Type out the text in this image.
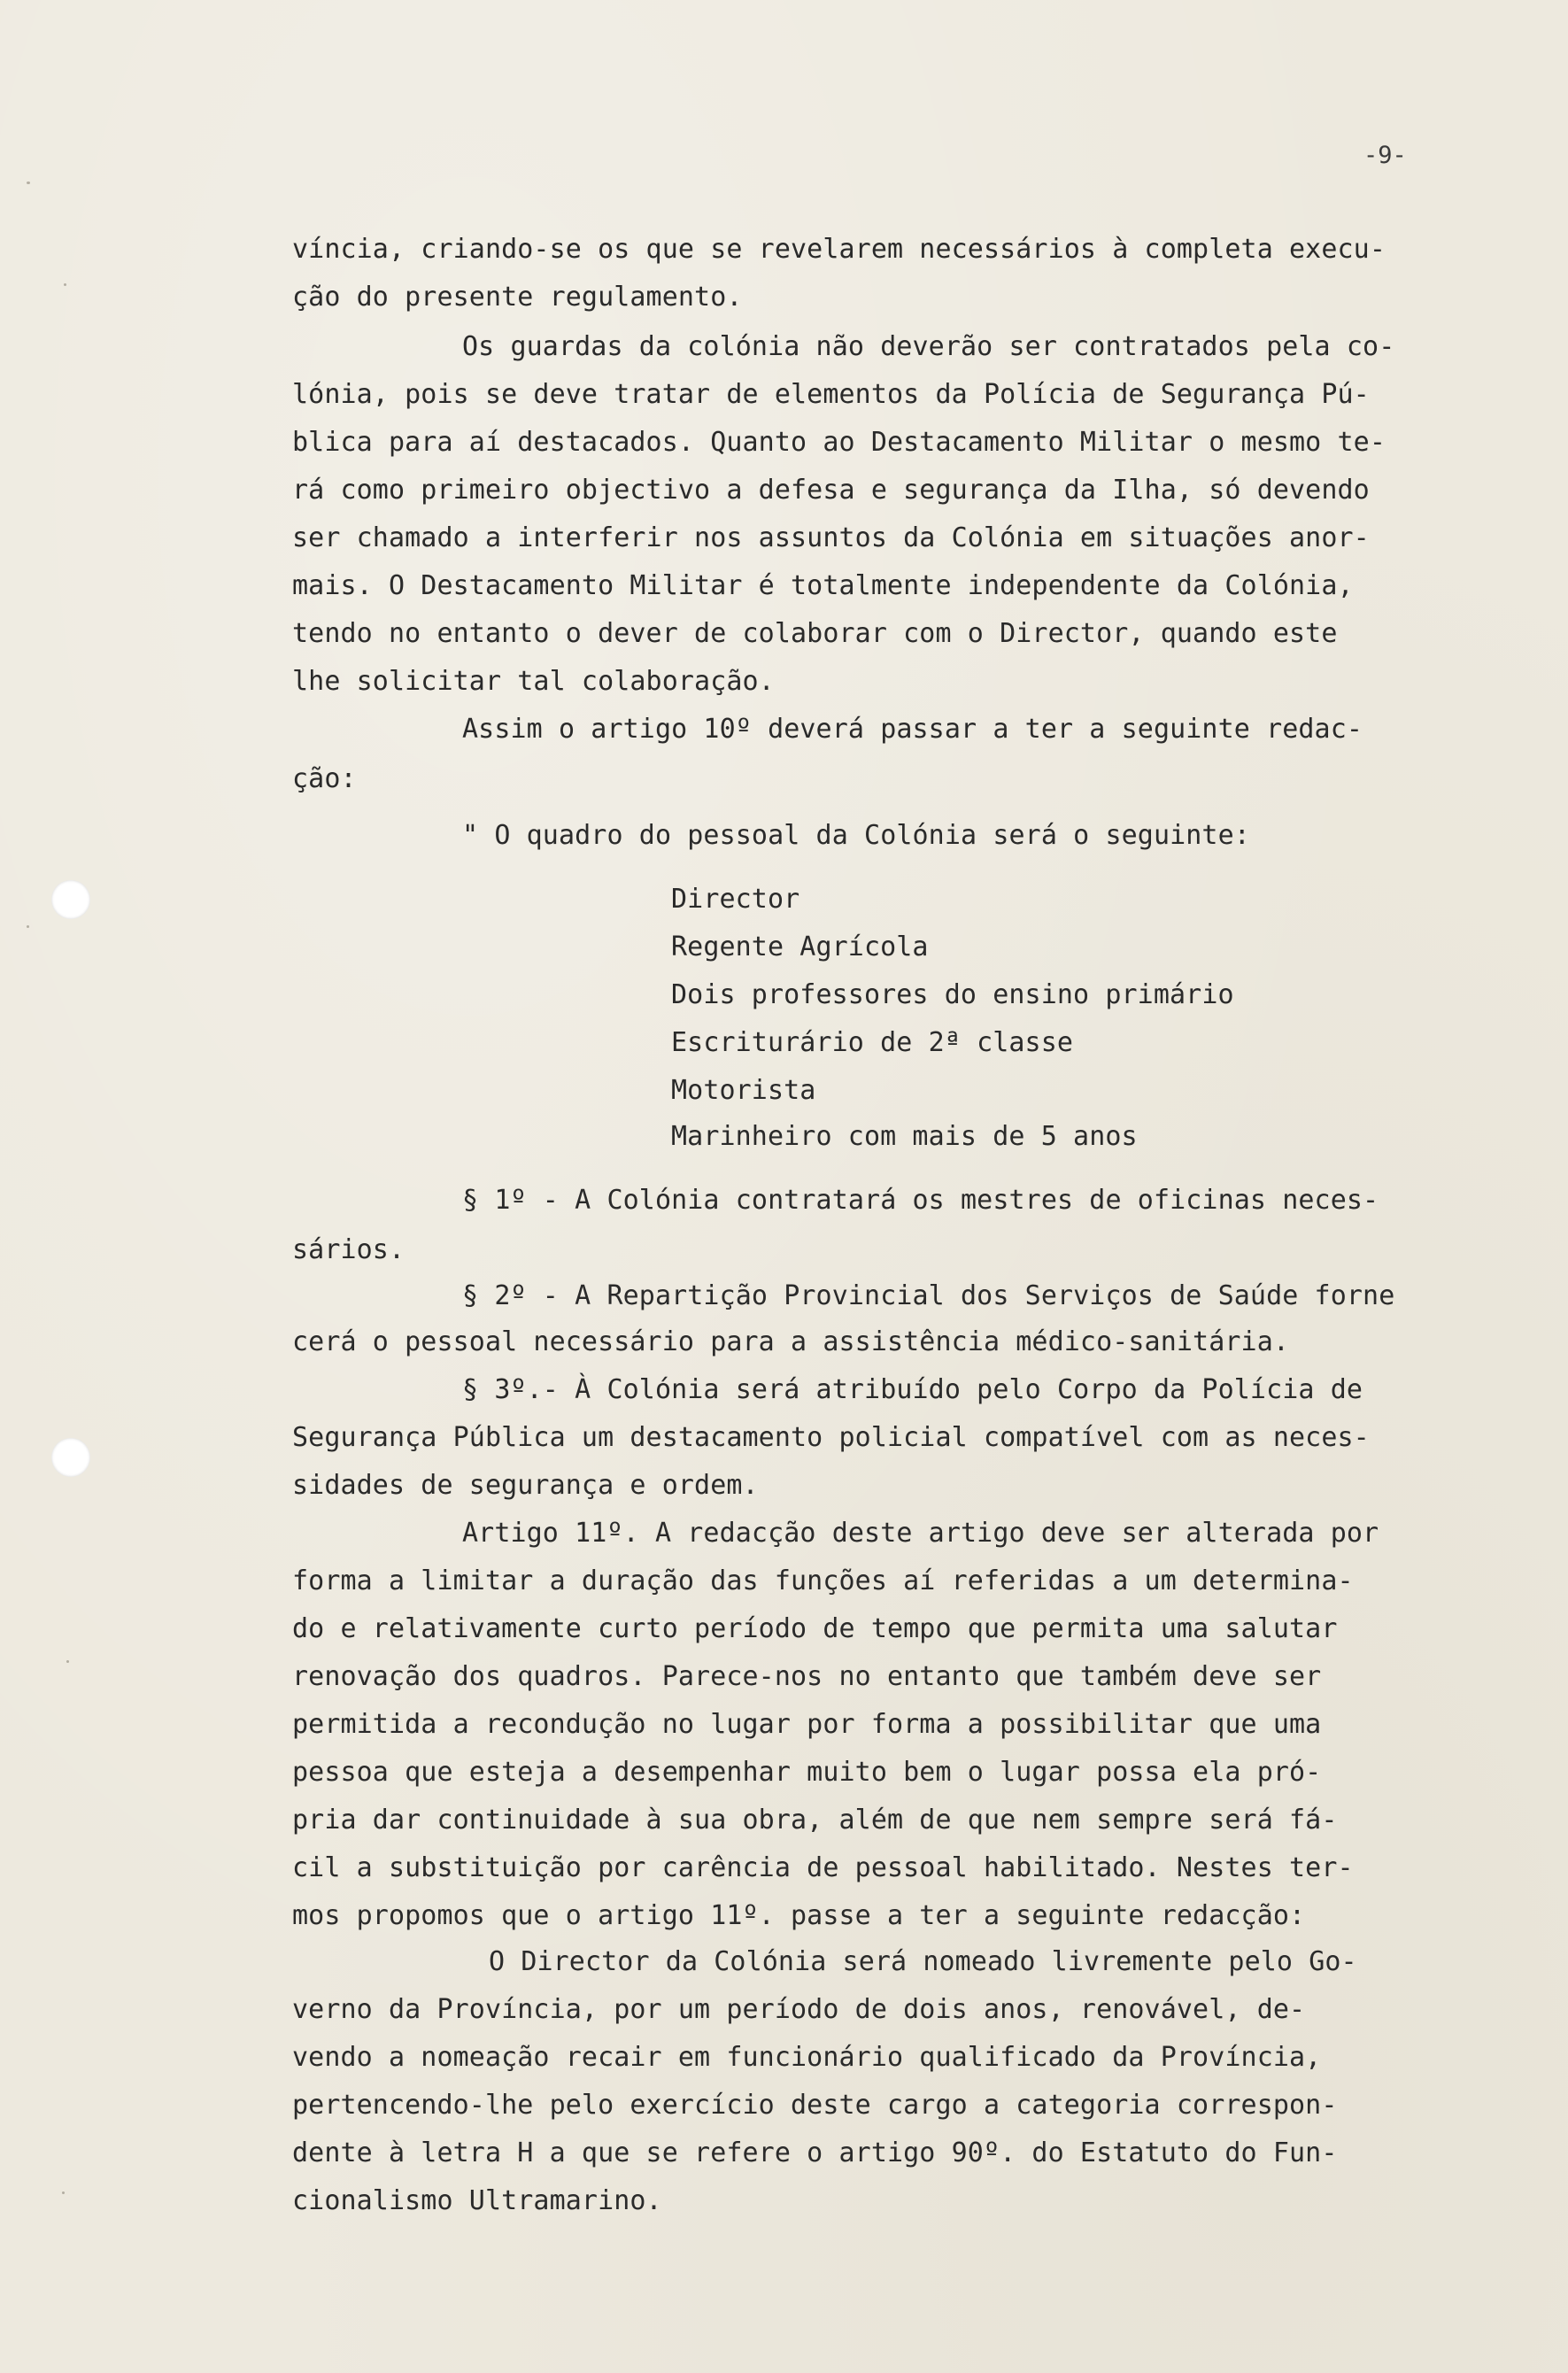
-9-
víncia, criando-se os que se revelarem necessários à completa execu-
ção do presente regulamento.
Os guardas da colónia não deverão ser contratados pela co-
lónia, pois se deve tratar de elementos da Polícia de Segurança Pú-
blica para aí destacados. Quanto ao Destacamento Militar o mesmo te-
rá como primeiro objectivo a defesa e segurança da Ilha, só devendo
ser chamado a interferir nos assuntos da Colónia em situações anor-
mais. O Destacamento Militar é totalmente independente da Colónia,
tendo no entanto o dever de colaborar com o Director, quando este
lhe solicitar tal colaboração.
Assim o artigo 10º deverá passar a ter a seguinte redac-
ção:
" O quadro do pessoal da Colónia será o seguinte:
Director
Regente Agrícola
Dois professores do ensino primário
Escriturário de 2ª classe
Motorista
Marinheiro com mais de 5 anos
§ 1º - A Colónia contratará os mestres de oficinas neces-
sários.
§ 2º - A Repartição Provincial dos Serviços de Saúde forne
cerá o pessoal necessário para a assistência médico-sanitária.
§ 3º.- À Colónia será atribuído pelo Corpo da Polícia de
Segurança Pública um destacamento policial compatível com as neces-
sidades de segurança e ordem.
Artigo 11º. A redacção deste artigo deve ser alterada por
forma a limitar a duração das funções aí referidas a um determina-
do e relativamente curto período de tempo que permita uma salutar
renovação dos quadros. Parece-nos no entanto que também deve ser
permitida a recondução no lugar por forma a possibilitar que uma
pessoa que esteja a desempenhar muito bem o lugar possa ela pró-
pria dar continuidade à sua obra, além de que nem sempre será fá-
cil a substituição por carência de pessoal habilitado. Nestes ter-
mos propomos que o artigo 11º. passe a ter a seguinte redacção:
O Director da Colónia será nomeado livremente pelo Go-
verno da Província, por um período de dois anos, renovável, de-
vendo a nomeação recair em funcionário qualificado da Província,
pertencendo-lhe pelo exercício deste cargo a categoria correspon-
dente à letra H a que se refere o artigo 90º. do Estatuto do Fun-
cionalismo Ultramarino.
